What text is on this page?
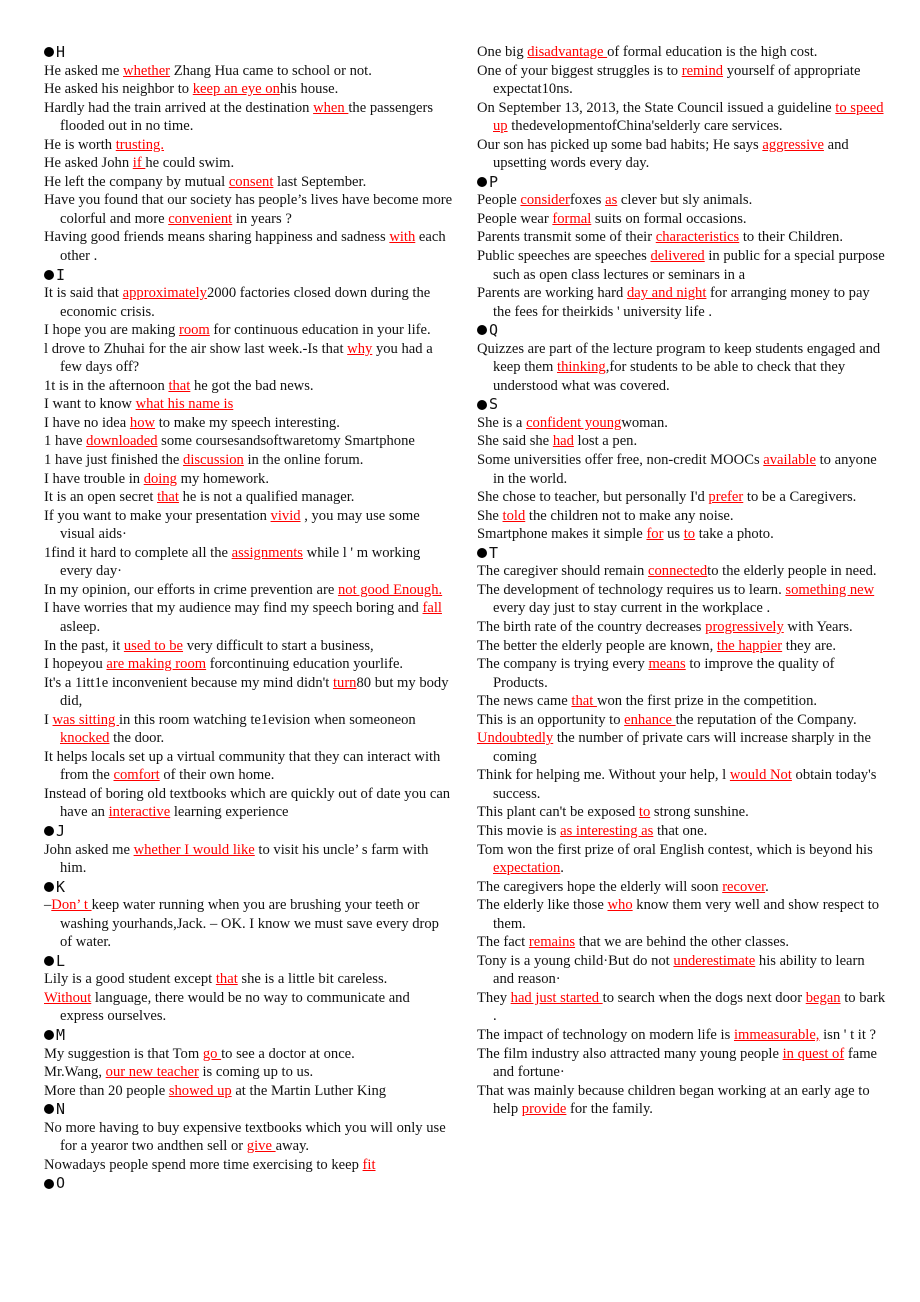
H

He asked me whether Zhang Hua came to school or not.

He asked his neighbor to keep an eye onhis house.

Hardly had the train arrived at the destination when the passengers flooded out in no time.

He is worth trusting.

He asked John if he could swim.

He left the company by mutual consent last September.

Have you found that our society has people’s lives have become more colorful and more convenient in years ?

Having good friends means sharing happiness and sadness with each other .

I

It is said that approximately2000 factories closed down during the economic crisis.

I hope you are making room for continuous education in your life.

l drove to Zhuhai for the air show last week.-Is that why you had a few days off?

1t is in the afternoon that he got the bad news.

I want to know what his name is

I have no idea how to make my speech interesting.

1 have downloaded some coursesandsoftwaretomy Smartphone

1 have just finished the discussion in the online forum.

I have trouble in doing my homework.

It is an open secret that he is not a qualified manager.

If you want to make your presentation vivid , you may use some visual aids·

1find it hard to complete all the assignments while l ' m working every day·

In my opinion, our efforts in crime prevention are not good Enough.

I have worries that my audience may find my speech boring and fall asleep.

In the past, it used to be very difficult to start a business,

I hopeyou are making room forcontinuing education yourlife.

It's a 1itt1e inconvenient because my mind didn't turn80 but my body did,

I was sitting in this room watching te1evision when someoneon knocked the door.

It helps locals set up a virtual community that they can interact with from the comfort of their own home.

Instead of boring old textbooks which are quickly out of date you can have an interactive learning experience

J

John asked me whether I would like to visit his uncle’ s farm with him.

K

–Don’ t keep water running when you are brushing your teeth or washing yourhands,Jack. – OK. I know we must save every drop of water.

L

Lily is a good student except that she is a little bit careless.

Without language, there would be no way to communicate and express ourselves.

M

My suggestion is that Tom go to see a doctor at once.

Mr.Wang, our new teacher is coming up to us.

More than 20 people showed up at the Martin Luther King

N

No more having to buy expensive textbooks which you will only use for a yearor two andthen sell or give away.

Nowadays people spend more time exercising to keep fit

O

One big disadvantage of formal education is the high cost.

One of your biggest struggles is to remind yourself of appropriate expectat10ns.

On September 13, 2013, the State Council issued a guideline to speed up thedevelopmentofChina'selderly care services.

Our son has picked up some bad habits; He says aggressive and upsetting words every day.

P

People considerfoxes as clever but sly animals.

People wear formal suits on formal occasions.

Parents transmit some of their characteristics to their Children.

Public speeches are speeches delivered in public for a special purpose such as open class lectures or seminars in a

Parents are working hard day and night for arranging money to pay the fees for theirkids ' university life .

Q

Quizzes are part of the lecture program to keep students engaged and keep them thinking,for students to be able to check that they understood what was covered.

S

She is a confident youngwoman.

She said she had lost a pen.

Some universities offer free, non-credit MOOCs available to anyone in the world.

She chose to teacher, but personally I'd prefer to be a Caregivers.

She told the children not to make any noise.

Smartphone makes it simple for us to take a photo.

T

The caregiver should remain connectedto the elderly people in need.

The development of technology requires us to learn. something new every day just to stay current in the workplace .

The birth rate of the country decreases progressively with Years.

The better the elderly people are known, the happier they are.

The company is trying every means to improve the quality of Products.

The news came that won the first prize in the competition.

This is an opportunity to enhance the reputation of the Company.

Undoubtedly the number of private cars will increase sharply in the coming

Think for helping me. Without your help, l would Not obtain today's success.

This plant can't be exposed to strong sunshine.

This movie is as interesting as that one.

Tom won the first prize of oral English contest, which is beyond his expectation.

The caregivers hope the elderly will soon recover.

The elderly like those who know them very well and show respect to them.

The fact remains that we are behind the other classes.

Tony is a young child·But do not underestimate his ability to learn and reason·

They had just started to search when the dogs next door began to bark .

The impact of technology on modern life is immeasurable, isn ' t it ?

The film industry also attracted many young people in quest of fame and fortune·

That was mainly because children began working at an early age to help provide for the family.
